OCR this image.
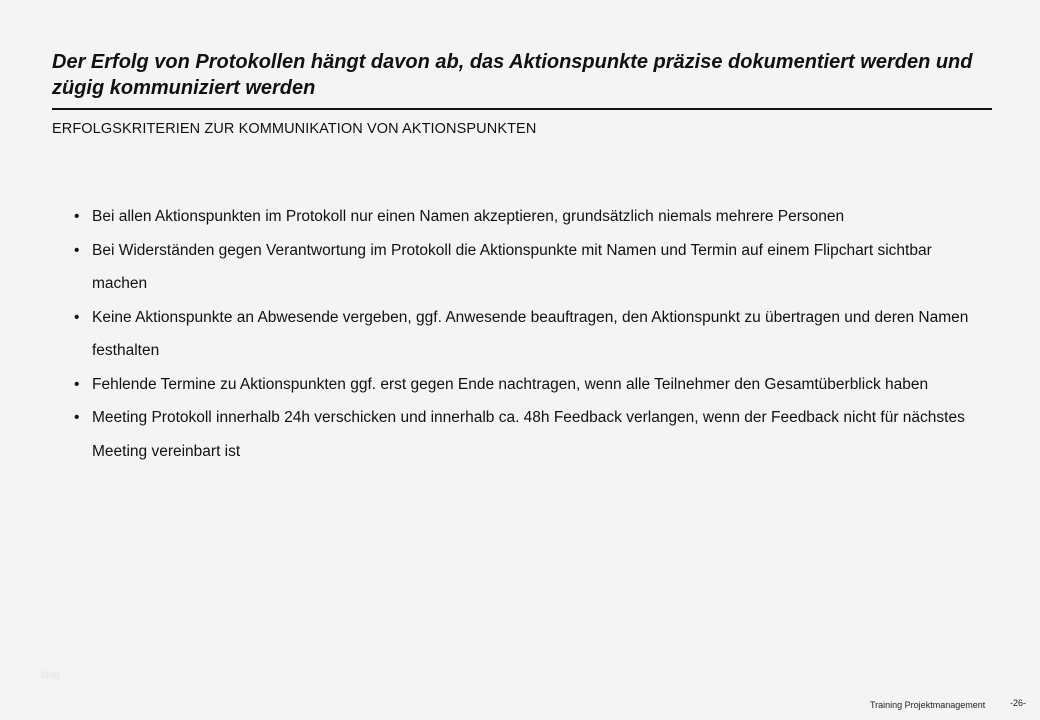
Der Erfolg von Protokollen hängt davon ab, das Aktionspunkte präzise dokumentiert werden und zügig kommuniziert werden
ERFOLGSKRITERIEN ZUR KOMMUNIKATION VON AKTIONSPUNKTEN
• Bei allen Aktionspunkten im Protokoll nur einen Namen akzeptieren, grundsätzlich niemals mehrere Personen
• Bei Widerständen gegen Verantwortung im Protokoll die Aktionspunkte mit Namen und Termin auf einem Flipchart sichtbar machen
• Keine Aktionspunkte an Abwesende vergeben, ggf. Anwesende beauftragen, den Aktionspunkt zu übertragen und deren Namen festhalten
• Fehlende Termine zu Aktionspunkten ggf. erst gegen Ende nachtragen, wenn alle Teilnehmer den Gesamtüberblick haben
• Meeting Protokoll innerhalb 24h verschicken und innerhalb ca. 48h Feedback verlangen, wenn der Feedback nicht für nächstes Meeting vereinbart ist
blog
Training Projektmanagement	-26-
